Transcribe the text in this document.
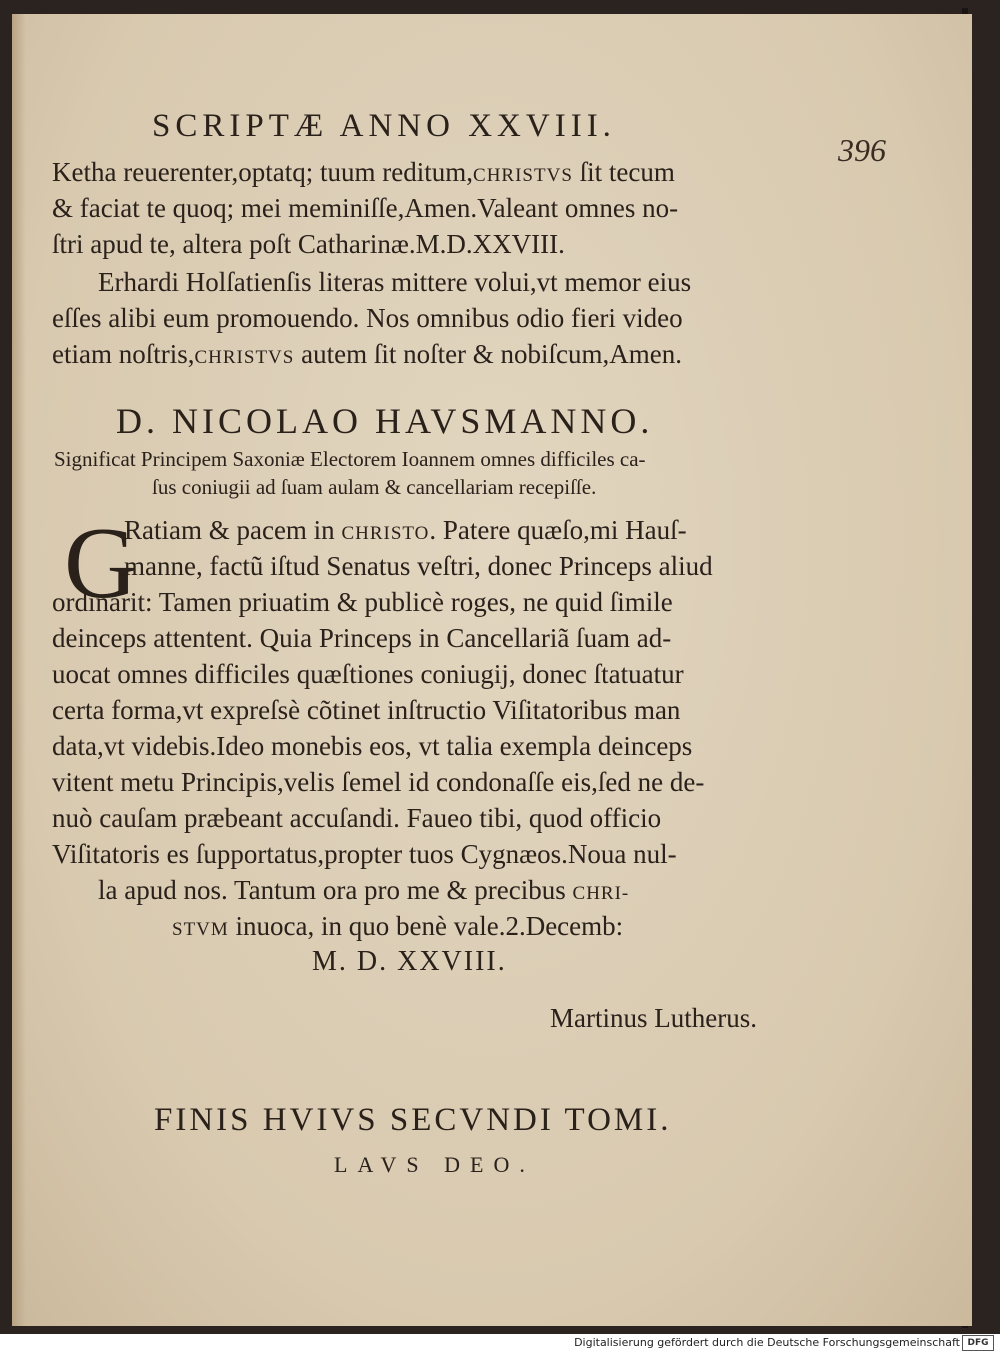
SCRIPTÆ ANNO XXVIII.
396
Ketha reuerenter,optatq; tuum reditum,CHRISTVS ſit tecum
& faciat te quoq; mei meminiſſe,Amen.Valeant omnes no-
ſtri apud te, altera poſt Catharinæ.M.D.XXVIII.
Erhardi Holſatienſis literas mittere volui,vt memor eius
eſſes alibi eum promouendo. Nos omnibus odio fieri video
etiam noſtris,CHRISTVS autem ſit noſter & nobiſcum,Amen.
D. NICOLAO HAVSMANNO.
Significat Principem Saxoniæ Electorem Ioannem omnes difficiles ca-
ſus coniugii ad ſuam aulam & cancellariam recepiſſe.
G
Ratiam & pacem in CHRISTO. Patere quæſo,mi Hauſ-
manne, factũ iſtud Senatus veſtri, donec Princeps aliud
ordinarit: Tamen priuatim & publicè roges, ne quid ſimile
deinceps attentent. Quia Princeps in Cancellariã ſuam ad-
uocat omnes difficiles quæſtiones coniugij, donec ſtatuatur
certa forma,vt expreſsè cõtinet inſtructio Viſitatoribus man
data,vt videbis.Ideo monebis eos, vt talia exempla deinceps
vitent metu Principis,velis ſemel id condonaſſe eis,ſed ne de-
nuò cauſam præbeant accuſandi. Faueo tibi, quod officio
Viſitatoris es ſupportatus,propter tuos Cygnæos.Noua nul-
la apud nos. Tantum ora pro me & precibus CHRI-
STVM inuoca, in quo benè vale.2.Decemb:
M. D. XXVIII.
Martinus Lutherus.
FINIS HVIVS SECVNDI TOMI.
LAVS DEO.
Digitalisierung gefördert durch die Deutsche Forschungsgemeinschaft DFG
